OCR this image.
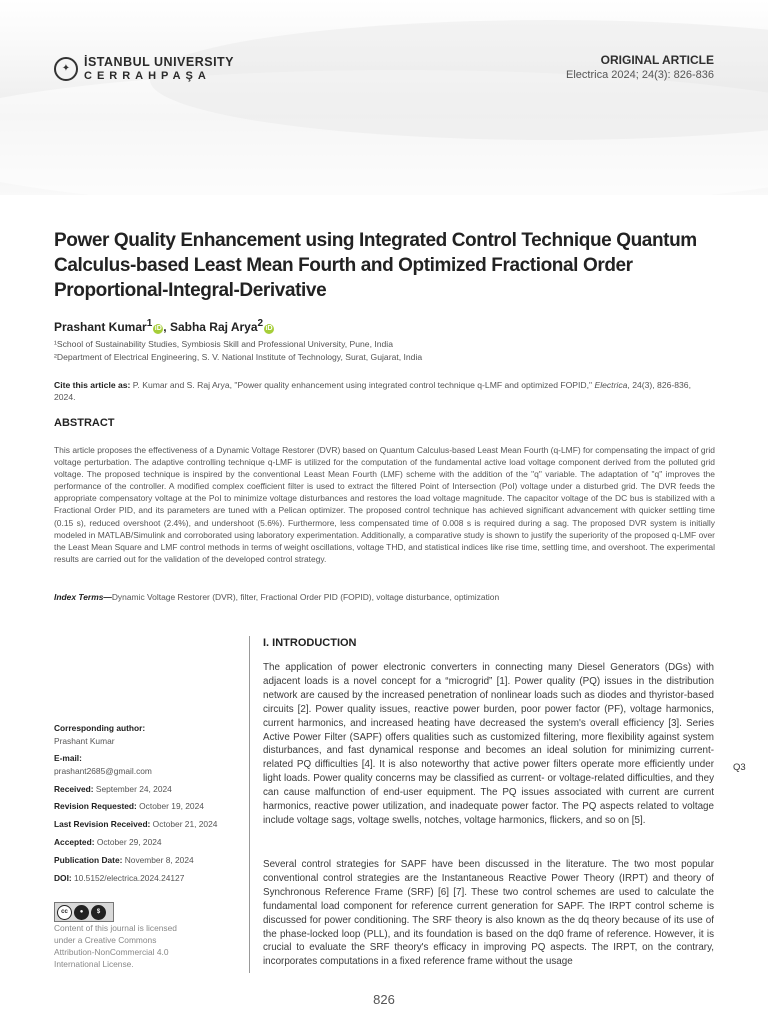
✦	İSTANBUL UNIVERSITY
CERRAHPAŞA
ORIGINAL ARTICLE
Electrica 2024; 24(3): 826-836
Power Quality Enhancement using Integrated Control Technique Quantum Calculus-based Least Mean Fourth and Optimized Fractional Order Proportional-Integral-Derivative
Prashant Kumar$^1$ iD , Sabha Raj Arya$^2$ iD
¹School of Sustainability Studies, Symbiosis Skill and Professional University, Pune, India
²Department of Electrical Engineering, S. V. National Institute of Technology, Surat, Gujarat, India
Cite this article as: P. Kumar and S. Raj Arya, "Power quality enhancement using integrated control technique q-LMF and optimized FOPID," Electrica, 24(3), 826-836, 2024.
ABSTRACT

This article proposes the effectiveness of a Dynamic Voltage Restorer (DVR) based on Quantum Calculus-based Least Mean Fourth (q-LMF) for compensating the impact of grid voltage perturbation. The adaptive controlling technique q-LMF is utilized for the computation of the fundamental active load voltage component derived from the polluted grid voltage. The proposed technique is inspired by the conventional Least Mean Fourth (LMF) scheme with the addition of the "q" variable. The adaptation of "q" improves the performance of the controller. A modified complex coefficient filter is used to extract the filtered Point of Intersection (PoI) voltage under a disturbed grid. The DVR feeds the appropriate compensatory voltage at the PoI to minimize voltage disturbances and restores the load voltage magnitude. The capacitor voltage of the DC bus is stabilized with a Fractional Order PID, and its parameters are tuned with a Pelican optimizer. The proposed control technique has achieved significant advancement with quicker settling time (0.15 s), reduced overshoot (2.4%), and undershoot (5.6%). Furthermore, less compensated time of 0.008 s is required during a sag. The proposed DVR system is initially modeled in MATLAB/Simulink and corroborated using laboratory experimentation. Additionally, a comparative study is shown to justify the superiority of the proposed q-LMF over the Least Mean Square and LMF control methods in terms of weight oscillations, voltage THD, and statistical indices like rise time, settling time, and overshoot. The experimental results are carried out for the validation of the developed control strategy.

Index Terms—Dynamic Voltage Restorer (DVR), filter, Fractional Order PID (FOPID), voltage disturbance, optimization
I. INTRODUCTION

The application of power electronic converters in connecting many Diesel Generators (DGs) with adjacent loads is a novel concept for a “microgrid” [1]. Power quality (PQ) issues in the distribution network are caused by the increased penetration of nonlinear loads such as diodes and thyristor-based circuits [2]. Power quality issues, reactive power burden, poor power factor (PF), voltage harmonics, current harmonics, and increased heating have decreased the system's overall efficiency [3]. Series Active Power Filter (SAPF) offers qualities such as customized filtering, more flexibility against system disturbances, and fast dynamical response and becomes an ideal solution for minimizing current-related PQ difficulties [4]. It is also noteworthy that active power filters operate more efficiently under light loads. Power quality concerns may be classified as current- or voltage-related difficulties, and they can cause malfunction of end-user equipment. The PQ issues associated with current are current harmonics, reactive power utilization, and inadequate power factor. The PQ aspects related to voltage include voltage sags, voltage swells, notches, voltage harmonics, flickers, and so on [5].

Several control strategies for SAPF have been discussed in the literature. The two most popular conventional control strategies are the Instantaneous Reactive Power Theory (IRPT) and theory of Synchronous Reference Frame (SRF) [6] [7]. These two control schemes are used to calculate the fundamental load component for reference current generation for SAPF. The IRPT control scheme is discussed for power conditioning. The SRF theory is also known as the dq theory because of its use of the phase-locked loop (PLL), and its foundation is based on the dq0 frame of reference. However, it is crucial to evaluate the SRF theory's efficacy in improving PQ aspects. The IRPT, on the contrary, incorporates computations in a fixed reference frame without the usage

Corresponding author:
Prashant Kumar
E-mail:
prashant2685@gmail.com
Received: September 24, 2024
Revision Requested: October 19, 2024
Last Revision Received: October 21, 2024
Accepted: October 29, 2024
Publication Date: November 8, 2024
DOI: 10.5152/electrica.2024.24127
cc	●	$
Content of this journal is licensed
under a Creative Commons
Attribution-NonCommercial 4.0
International License.
Q3
826
